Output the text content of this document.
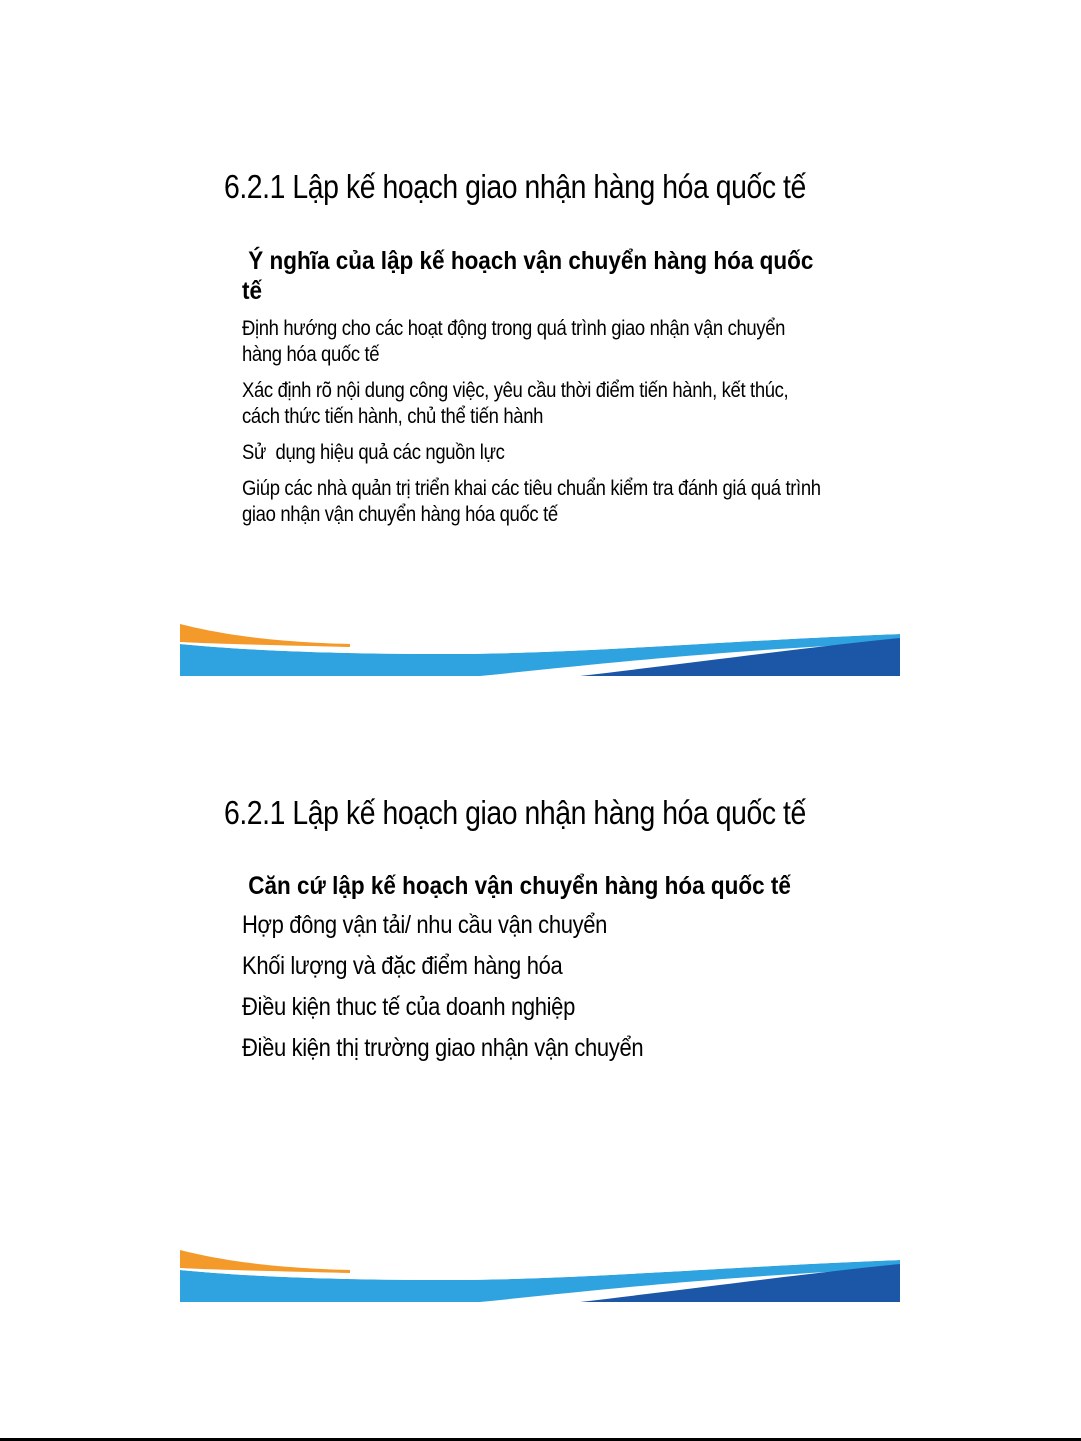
6.2.1 Lập kế hoạch giao nhận hàng hóa quốc tế
Ý nghĩa của lập kế hoạch vận chuyển hàng hóa quốc tế
Định hướng cho các hoạt động trong quá trình giao nhận vận chuyển hàng hóa quốc tế
Xác định rõ nội dung công việc, yêu cầu thời điểm tiến hành, kết thúc, cách thức tiến hành, chủ thể tiến hành
Sử  dụng hiệu quả các nguồn lực
Giúp các nhà quản trị triển khai các tiêu chuẩn kiểm tra đánh giá quá trình giao nhận vận chuyển hàng hóa quốc tế
6.2.1 Lập kế hoạch giao nhận hàng hóa quốc tế
Căn cứ lập kế hoạch vận chuyển hàng hóa quốc tế
Hợp đông vận tải/ nhu cầu vận chuyển
Khối lượng và đặc điểm hàng hóa
Điều kiện thuc tế của doanh nghiệp
Điều kiện thị trường giao nhận vận chuyển
